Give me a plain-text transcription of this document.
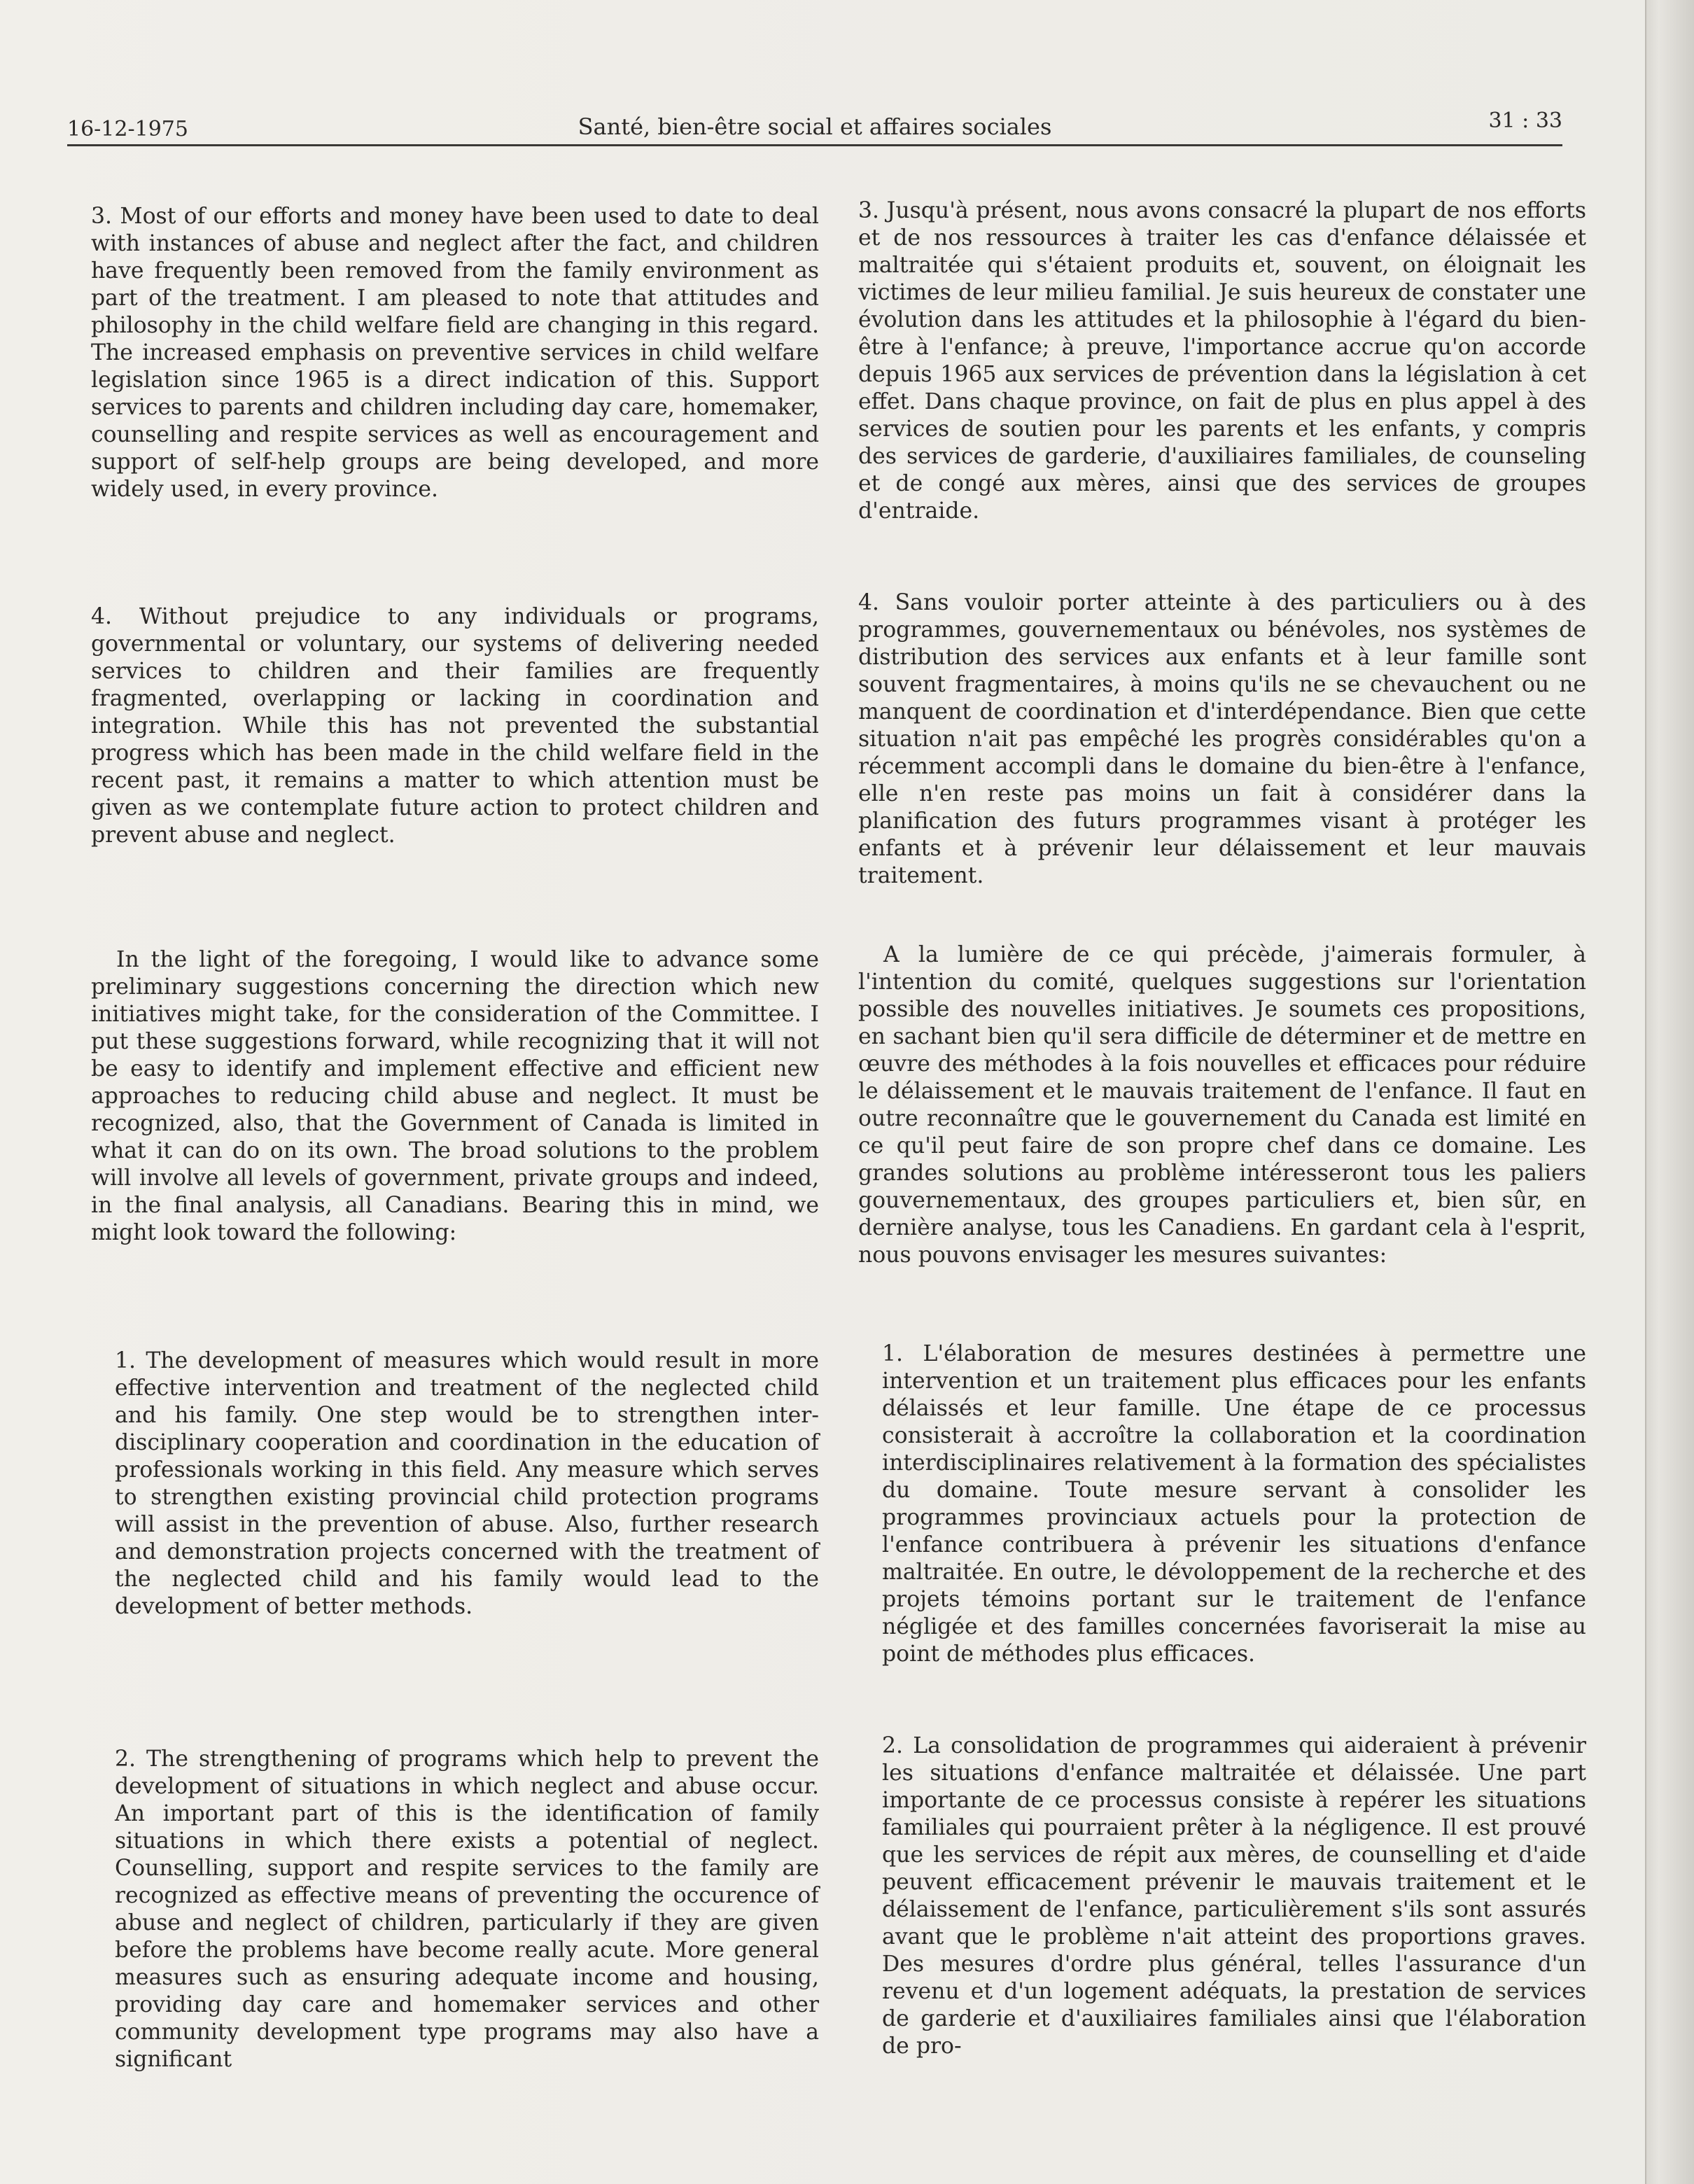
16-12-1975	Santé, bien-être social et affaires sociales	31 : 33

3. Most of our efforts and money have been used to date to deal with instances of abuse and neglect after the fact, and children have frequently been removed from the family environment as part of the treatment. I am pleased to note that attitudes and philosophy in the child welfare field are changing in this regard. The increased emphasis on preventive services in child welfare legislation since 1965 is a direct indication of this. Support services to parents and children including day care, homemaker, counselling and respite services as well as encouragement and support of self-help groups are being developed, and more widely used, in every province.

4. Without prejudice to any individuals or programs, governmental or voluntary, our systems of delivering needed services to children and their families are frequently fragmented, overlapping or lacking in coordination and integration. While this has not prevented the substantial progress which has been made in the child welfare field in the recent past, it remains a matter to which attention must be given as we contemplate future action to protect children and prevent abuse and neglect.

In the light of the foregoing, I would like to advance some preliminary suggestions concerning the direction which new initiatives might take, for the consideration of the Committee. I put these suggestions forward, while recognizing that it will not be easy to identify and implement effective and efficient new approaches to reducing child abuse and neglect. It must be recognized, also, that the Government of Canada is limited in what it can do on its own. The broad solutions to the problem will involve all levels of government, private groups and indeed, in the final analysis, all Canadians. Bearing this in mind, we might look toward the following:

1. The development of measures which would result in more effective intervention and treatment of the neglected child and his family. One step would be to strengthen inter-disciplinary cooperation and coordination in the education of professionals working in this field. Any measure which serves to strengthen existing provincial child protection programs will assist in the prevention of abuse. Also, further research and demonstration projects concerned with the treatment of the neglected child and his family would lead to the development of better methods.

2. The strengthening of programs which help to prevent the development of situations in which neglect and abuse occur. An important part of this is the identification of family situations in which there exists a potential of neglect. Counselling, support and respite services to the family are recognized as effective means of preventing the occurence of abuse and neglect of children, particularly if they are given before the problems have become really acute. More general measures such as ensuring adequate income and housing, providing day care and homemaker services and other community development type programs may also have a significant

3. Jusqu'à présent, nous avons consacré la plupart de nos efforts et de nos ressources à traiter les cas d'enfance délaissée et maltraitée qui s'étaient produits et, souvent, on éloignait les victimes de leur milieu familial. Je suis heureux de constater une évolution dans les attitudes et la philosophie à l'égard du bien-être à l'enfance; à preuve, l'importance accrue qu'on accorde depuis 1965 aux services de prévention dans la législation à cet effet. Dans chaque province, on fait de plus en plus appel à des services de soutien pour les parents et les enfants, y compris des services de garderie, d'auxiliaires familiales, de counseling et de congé aux mères, ainsi que des services de groupes d'entraide.

4. Sans vouloir porter atteinte à des particuliers ou à des programmes, gouvernementaux ou bénévoles, nos systèmes de distribution des services aux enfants et à leur famille sont souvent fragmentaires, à moins qu'ils ne se chevauchent ou ne manquent de coordination et d'interdépendance. Bien que cette situation n'ait pas empêché les progrès considérables qu'on a récemment accompli dans le domaine du bien-être à l'enfance, elle n'en reste pas moins un fait à considérer dans la planification des futurs programmes visant à protéger les enfants et à prévenir leur délaissement et leur mauvais traitement.

A la lumière de ce qui précède, j'aimerais formuler, à l'intention du comité, quelques suggestions sur l'orientation possible des nouvelles initiatives. Je soumets ces propositions, en sachant bien qu'il sera difficile de déterminer et de mettre en œuvre des méthodes à la fois nouvelles et efficaces pour réduire le délaissement et le mauvais traitement de l'enfance. Il faut en outre reconnaître que le gouvernement du Canada est limité en ce qu'il peut faire de son propre chef dans ce domaine. Les grandes solutions au problème intéresseront tous les paliers gouvernementaux, des groupes particuliers et, bien sûr, en dernière analyse, tous les Canadiens. En gardant cela à l'esprit, nous pouvons envisager les mesures suivantes:

1. L'élaboration de mesures destinées à permettre une intervention et un traitement plus efficaces pour les enfants délaissés et leur famille. Une étape de ce processus consisterait à accroître la collaboration et la coordination interdisciplinaires relativement à la formation des spécialistes du domaine. Toute mesure servant à consolider les programmes provinciaux actuels pour la protection de l'enfance contribuera à prévenir les situations d'enfance maltraitée. En outre, le dévoloppement de la recherche et des projets témoins portant sur le traitement de l'enfance négligée et des familles concernées favoriserait la mise au point de méthodes plus efficaces.

2. La consolidation de programmes qui aideraient à prévenir les situations d'enfance maltraitée et délaissée. Une part importante de ce processus consiste à repérer les situations familiales qui pourraient prêter à la négligence. Il est prouvé que les services de répit aux mères, de counselling et d'aide peuvent efficacement prévenir le mauvais traitement et le délaissement de l'enfance, particulièrement s'ils sont assurés avant que le problème n'ait atteint des proportions graves. Des mesures d'ordre plus général, telles l'assurance d'un revenu et d'un logement adéquats, la prestation de services de garderie et d'auxiliaires familiales ainsi que l'élaboration de pro-
